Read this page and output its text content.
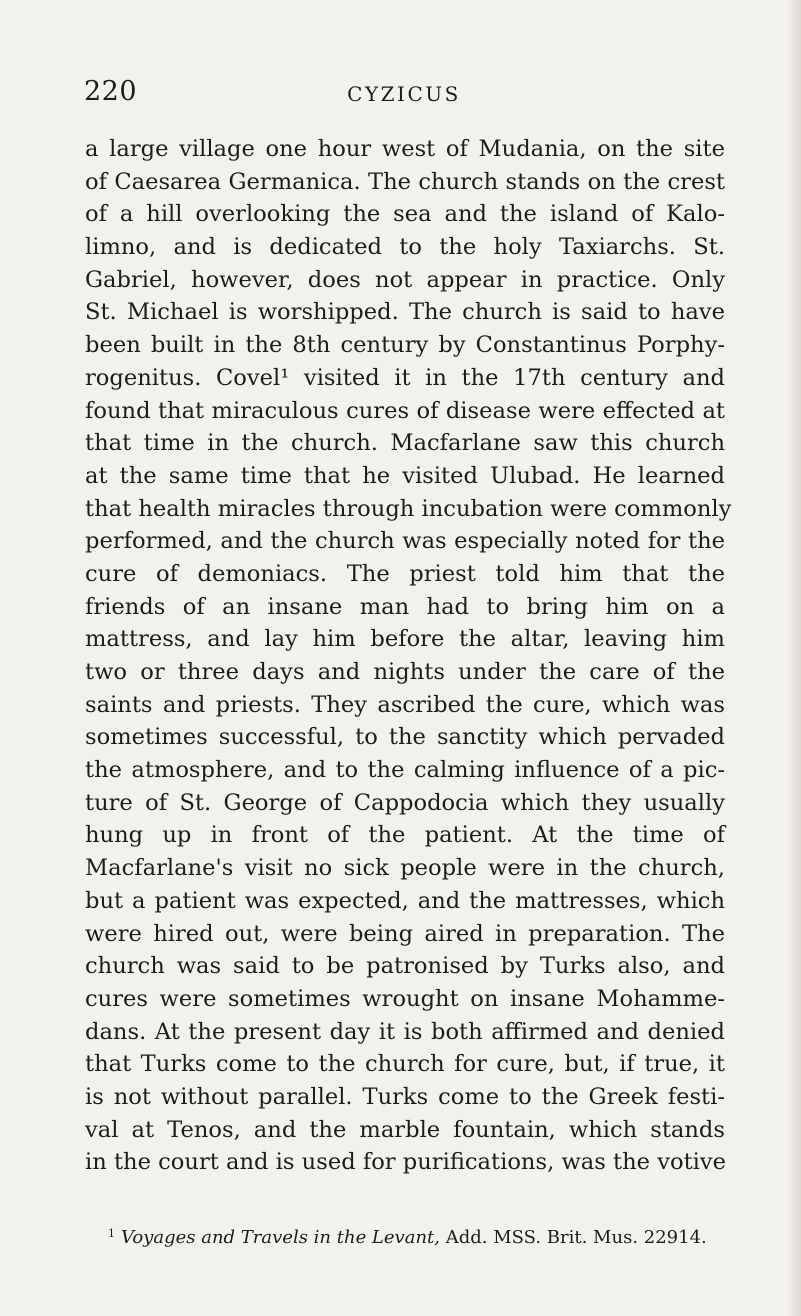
220	CYZICUS
a large village one hour west of Mudania, on the site
of Caesarea Germanica. The church stands on the crest
of a hill overlooking the sea and the island of Kalo-
limno, and is dedicated to the holy Taxiarchs. St.
Gabriel, however, does not appear in practice. Only
St. Michael is worshipped. The church is said to have
been built in the 8th century by Constantinus Porphy-
rogenitus. Covel¹ visited it in the 17th century and
found that miraculous cures of disease were effected at
that time in the church. Macfarlane saw this church
at the same time that he visited Ulubad. He learned
that health miracles through incubation were commonly
performed, and the church was especially noted for the
cure of demoniacs. The priest told him that the
friends of an insane man had to bring him on a
mattress, and lay him before the altar, leaving him
two or three days and nights under the care of the
saints and priests. They ascribed the cure, which was
sometimes successful, to the sanctity which pervaded
the atmosphere, and to the calming influence of a pic-
ture of St. George of Cappodocia which they usually
hung up in front of the patient. At the time of
Macfarlane's visit no sick people were in the church,
but a patient was expected, and the mattresses, which
were hired out, were being aired in preparation. The
church was said to be patronised by Turks also, and
cures were sometimes wrought on insane Mohamme-
dans. At the present day it is both affirmed and denied
that Turks come to the church for cure, but, if true, it
is not without parallel. Turks come to the Greek festi-
val at Tenos, and the marble fountain, which stands
in the court and is used for purifications, was the votive
$^1$ Voyages and Travels in the Levant, Add. MSS. Brit. Mus. 22914.
